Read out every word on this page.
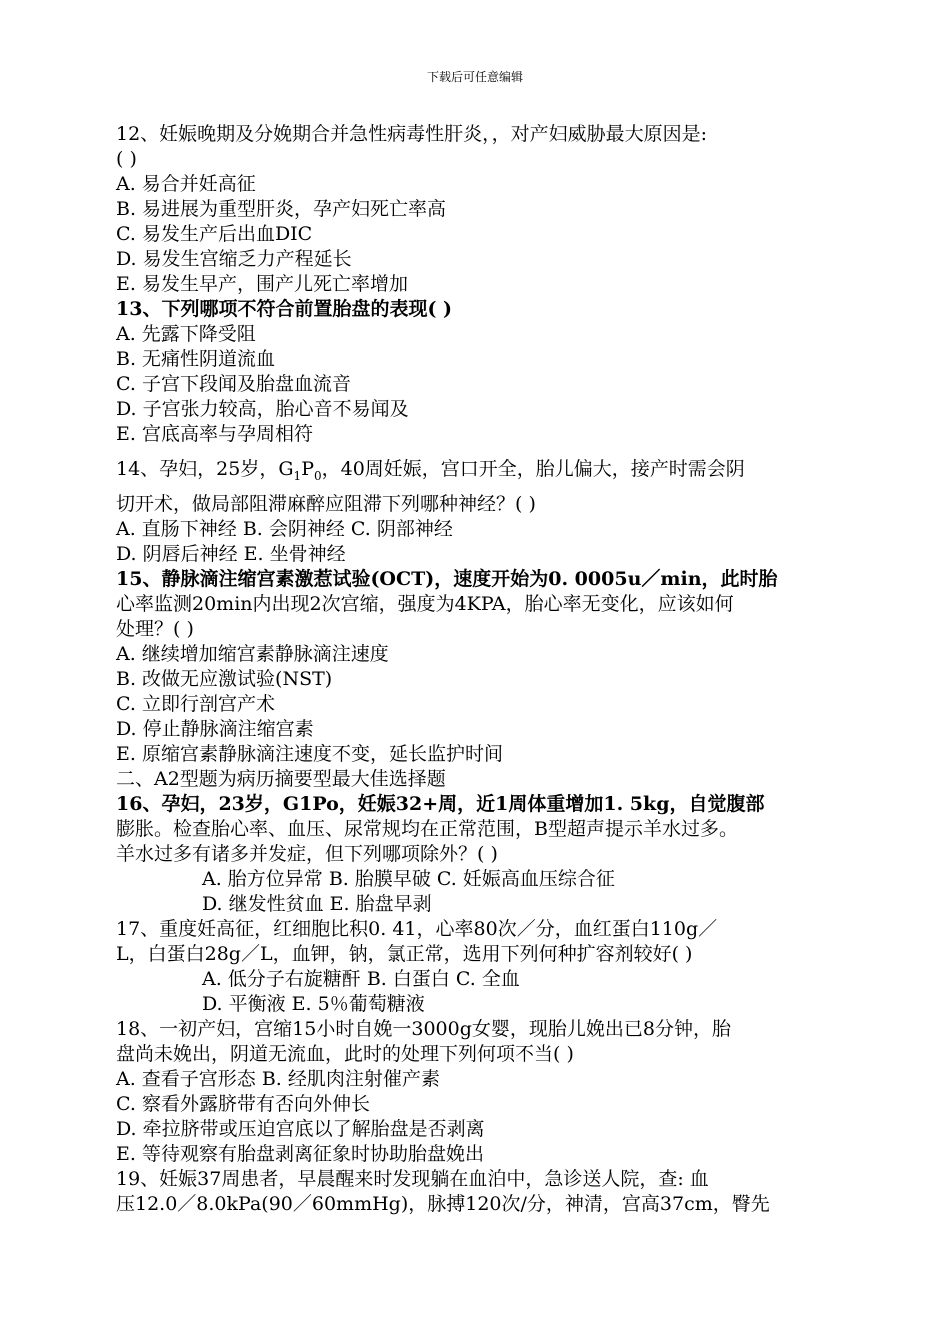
下载后可任意编辑
12、妊娠晚期及分娩期合并急性病毒性肝炎，，对产妇威胁最大原因是:
( )
A. 易合并妊高征
B. 易进展为重型肝炎，孕产妇死亡率高
C. 易发生产后出血DIC
D. 易发生宫缩乏力产程延长
E. 易发生早产，围产儿死亡率增加
13、下列哪项不符合前置胎盘的表现( )
A. 先露下降受阻
B. 无痛性阴道流血
C. 子宫下段闻及胎盘血流音
D. 子宫张力较高，胎心音不易闻及
E. 宫底高率与孕周相符
14、孕妇，25岁，$G_1P_0$，40周妊娠，宫口开全，胎儿偏大，接产时需会阴
切开术，做局部阻滞麻醉应阻滞下列哪种神经？( )
A. 直肠下神经 B. 会阴神经 C. 阴部神经
D. 阴唇后神经 E. 坐骨神经
15、静脉滴注缩宫素激惹试验(OCT)，速度开始为0. 0005u／min，此时胎
心率监测20min内出现2次宫缩，强度为4KPA，胎心率无变化，应该如何
处理？( )
A. 继续增加缩宫素静脉滴注速度
B. 改做无应激试验(NST)
C. 立即行剖宫产术
D. 停止静脉滴注缩宫素
E. 原缩宫素静脉滴注速度不变，延长监护时间
二、A2型题为病历摘要型最大佳选择题
16、孕妇，23岁，G1Po，妊娠32+周，近1周体重增加1. 5kg，自觉腹部
膨胀。检查胎心率、血压、尿常规均在正常范围，B型超声提示羊水过多。
羊水过多有诸多并发症，但下列哪项除外？( )
A. 胎方位异常 B. 胎膜早破 C. 妊娠高血压综合征
D. 继发性贫血 E. 胎盘早剥
17、重度妊高征，红细胞比积0. 41，心率80次／分，血红蛋白110g／
L，白蛋白28g／L，血钾，钠，氯正常，选用下列何种扩容剂较好( )
A. 低分子右旋糖酐 B. 白蛋白 C. 全血
D. 平衡液 E. 5％葡萄糖液
18、一初产妇，宫缩15小时自娩一3000g女婴，现胎儿娩出已8分钟，胎
盘尚未娩出，阴道无流血，此时的处理下列何项不当( )
A. 查看子宫形态 B. 经肌肉注射催产素
C. 察看外露脐带有否向外伸长
D. 牵拉脐带或压迫宫底以了解胎盘是否剥离
E. 等待观察有胎盘剥离征象时协助胎盘娩出
19、妊娠37周患者，早晨醒来时发现躺在血泊中，急诊送人院，查: 血
压12.0／8.0kPa(90／60mmHg)，脉搏120次/分，神清，宫高37cm，臀先
